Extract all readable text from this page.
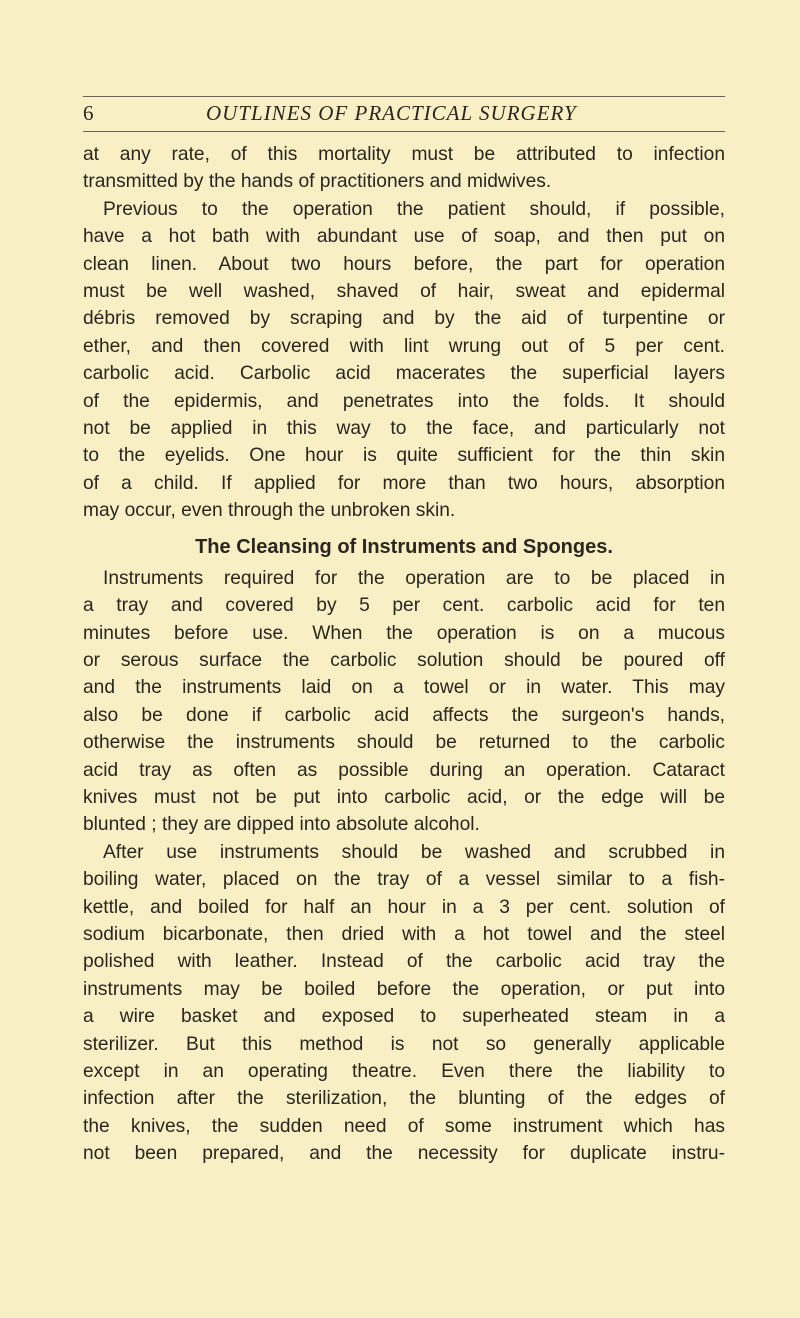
6	OUTLINES OF PRACTICAL SURGERY
at any rate, of this mortality must be attributed to infection
transmitted by the hands of practitioners and midwives.
Previous to the operation the patient should, if possible,
have a hot bath with abundant use of soap, and then put on
clean linen. About two hours before, the part for operation
must be well washed, shaved of hair, sweat and epidermal
débris removed by scraping and by the aid of turpentine or
ether, and then covered with lint wrung out of 5 per cent.
carbolic acid. Carbolic acid macerates the superficial layers
of the epidermis, and penetrates into the folds. It should
not be applied in this way to the face, and particularly not
to the eyelids. One hour is quite sufficient for the thin skin
of a child. If applied for more than two hours, absorption
may occur, even through the unbroken skin.
The Cleansing of Instruments and Sponges.
Instruments required for the operation are to be placed in
a tray and covered by 5 per cent. carbolic acid for ten
minutes before use. When the operation is on a mucous
or serous surface the carbolic solution should be poured off
and the instruments laid on a towel or in water. This may
also be done if carbolic acid affects the surgeon's hands,
otherwise the instruments should be returned to the carbolic
acid tray as often as possible during an operation. Cataract
knives must not be put into carbolic acid, or the edge will be
blunted ; they are dipped into absolute alcohol.
After use instruments should be washed and scrubbed in
boiling water, placed on the tray of a vessel similar to a fish-
kettle, and boiled for half an hour in a 3 per cent. solution of
sodium bicarbonate, then dried with a hot towel and the steel
polished with leather. Instead of the carbolic acid tray the
instruments may be boiled before the operation, or put into
a wire basket and exposed to superheated steam in a
sterilizer. But this method is not so generally applicable
except in an operating theatre. Even there the liability to
infection after the sterilization, the blunting of the edges of
the knives, the sudden need of some instrument which has
not been prepared, and the necessity for duplicate instru-
